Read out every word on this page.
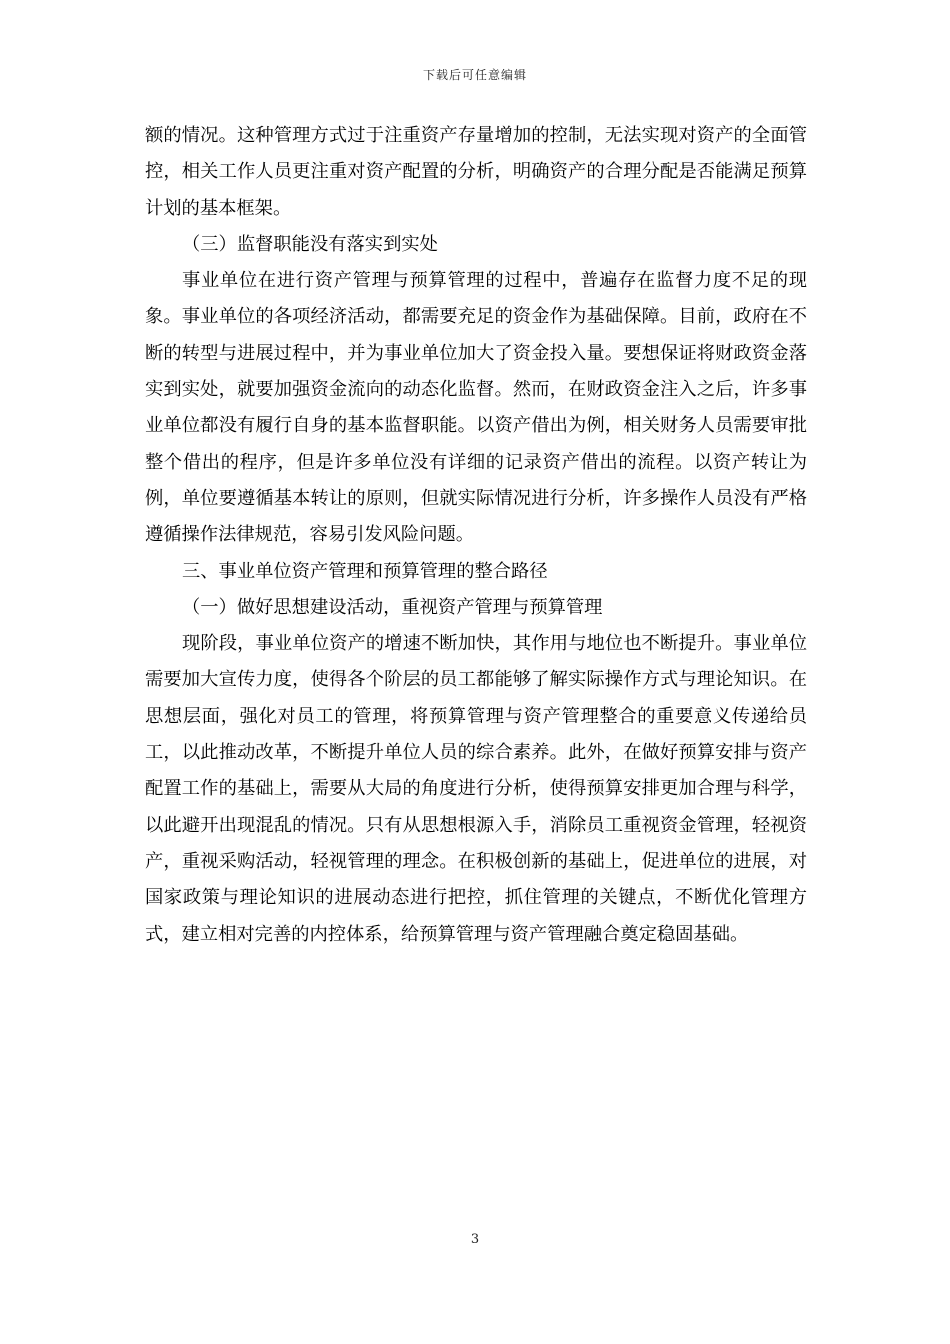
下载后可任意编辑

额的情况。这种管理方式过于注重资产存量增加的控制，无法实现对资产的全面管控，相关工作人员更注重对资产配置的分析，明确资产的合理分配是否能满足预算计划的基本框架。

（三）监督职能没有落实到实处

事业单位在进行资产管理与预算管理的过程中，普遍存在监督力度不足的现象。事业单位的各项经济活动，都需要充足的资金作为基础保障。目前，政府在不断的转型与进展过程中，并为事业单位加大了资金投入量。要想保证将财政资金落实到实处，就要加强资金流向的动态化监督。然而，在财政资金注入之后，许多事业单位都没有履行自身的基本监督职能。以资产借出为例，相关财务人员需要审批整个借出的程序，但是许多单位没有详细的记录资产借出的流程。以资产转让为例，单位要遵循基本转让的原则，但就实际情况进行分析，许多操作人员没有严格遵循操作法律规范，容易引发风险问题。

三、事业单位资产管理和预算管理的整合路径

（一）做好思想建设活动，重视资产管理与预算管理

现阶段，事业单位资产的增速不断加快，其作用与地位也不断提升。事业单位需要加大宣传力度，使得各个阶层的员工都能够了解实际操作方式与理论知识。在思想层面，强化对员工的管理，将预算管理与资产管理整合的重要意义传递给员工，以此推动改革，不断提升单位人员的综合素养。此外，在做好预算安排与资产配置工作的基础上，需要从大局的角度进行分析，使得预算安排更加合理与科学，以此避开出现混乱的情况。只有从思想根源入手，消除员工重视资金管理，轻视资产，重视采购活动，轻视管理的理念。在积极创新的基础上，促进单位的进展，对国家政策与理论知识的进展动态进行把控，抓住管理的关键点，不断优化管理方式，建立相对完善的内控体系，给预算管理与资产管理融合奠定稳固基础。

3
